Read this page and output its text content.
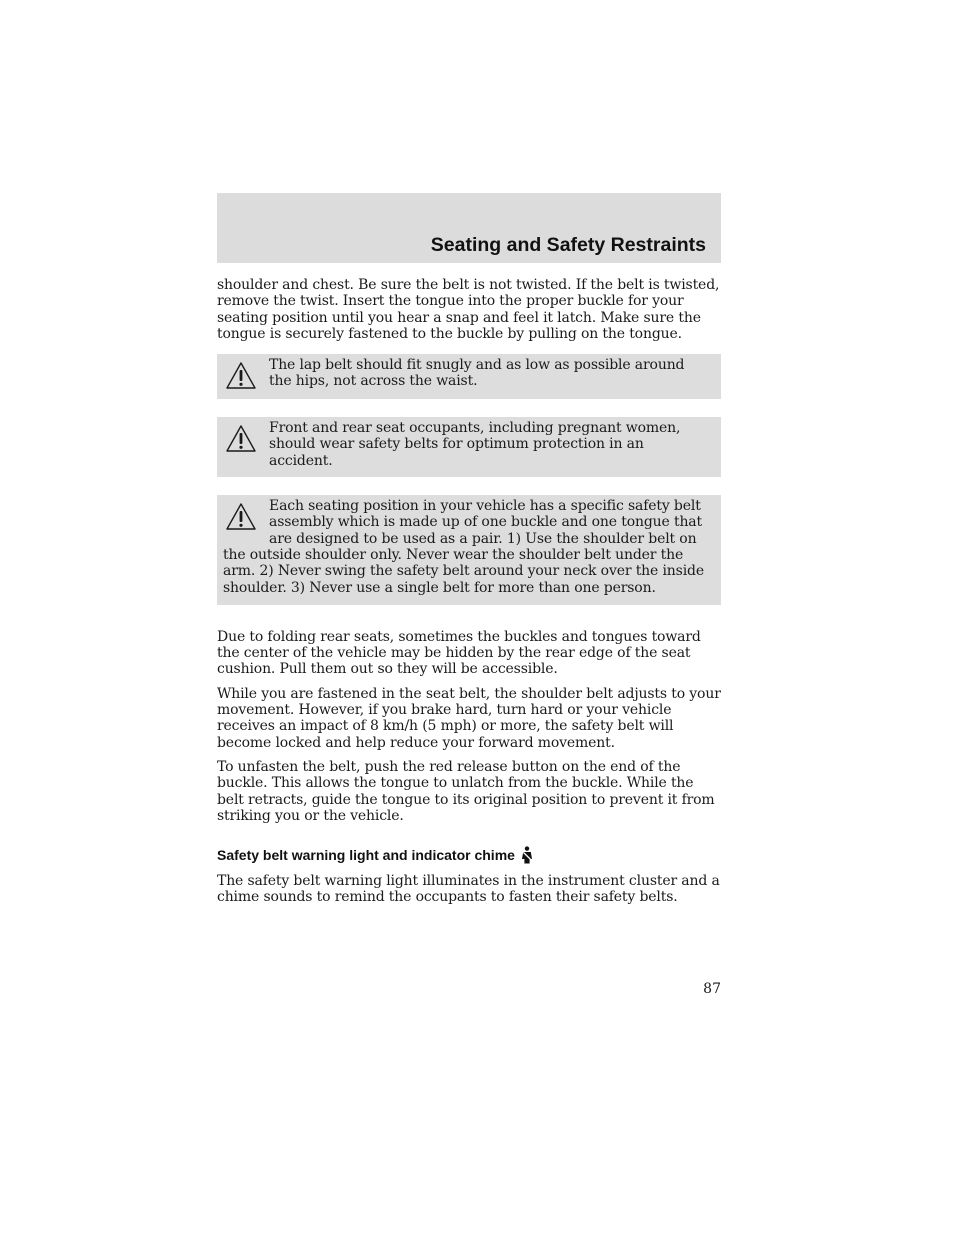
Seating and Safety Restraints

shoulder and chest. Be sure the belt is not twisted. If the belt is twisted, remove the twist. Insert the tongue into the proper buckle for your seating position until you hear a snap and feel it latch. Make sure the tongue is securely fastened to the buckle by pulling on the tongue.

The lap belt should fit snugly and as low as possible around the hips, not across the waist.
Front and rear seat occupants, including pregnant women, should wear safety belts for optimum protection in an accident.
Each seating position in your vehicle has a specific safety belt assembly which is made up of one buckle and one tongue that are designed to be used as a pair. 1) Use the shoulder belt on the outside shoulder only. Never wear the shoulder belt under the arm. 2) Never swing the safety belt around your neck over the inside shoulder. 3) Never use a single belt for more than one person.

Due to folding rear seats, sometimes the buckles and tongues toward the center of the vehicle may be hidden by the rear edge of the seat cushion. Pull them out so they will be accessible.

While you are fastened in the seat belt, the shoulder belt adjusts to your movement. However, if you brake hard, turn hard or your vehicle receives an impact of 8 km/h (5 mph) or more, the safety belt will become locked and help reduce your forward movement.

To unfasten the belt, push the red release button on the end of the buckle. This allows the tongue to unlatch from the buckle. While the belt retracts, guide the tongue to its original position to prevent it from striking you or the vehicle.

Safety belt warning light and indicator chime

The safety belt warning light illuminates in the instrument cluster and a chime sounds to remind the occupants to fasten their safety belts.

87
